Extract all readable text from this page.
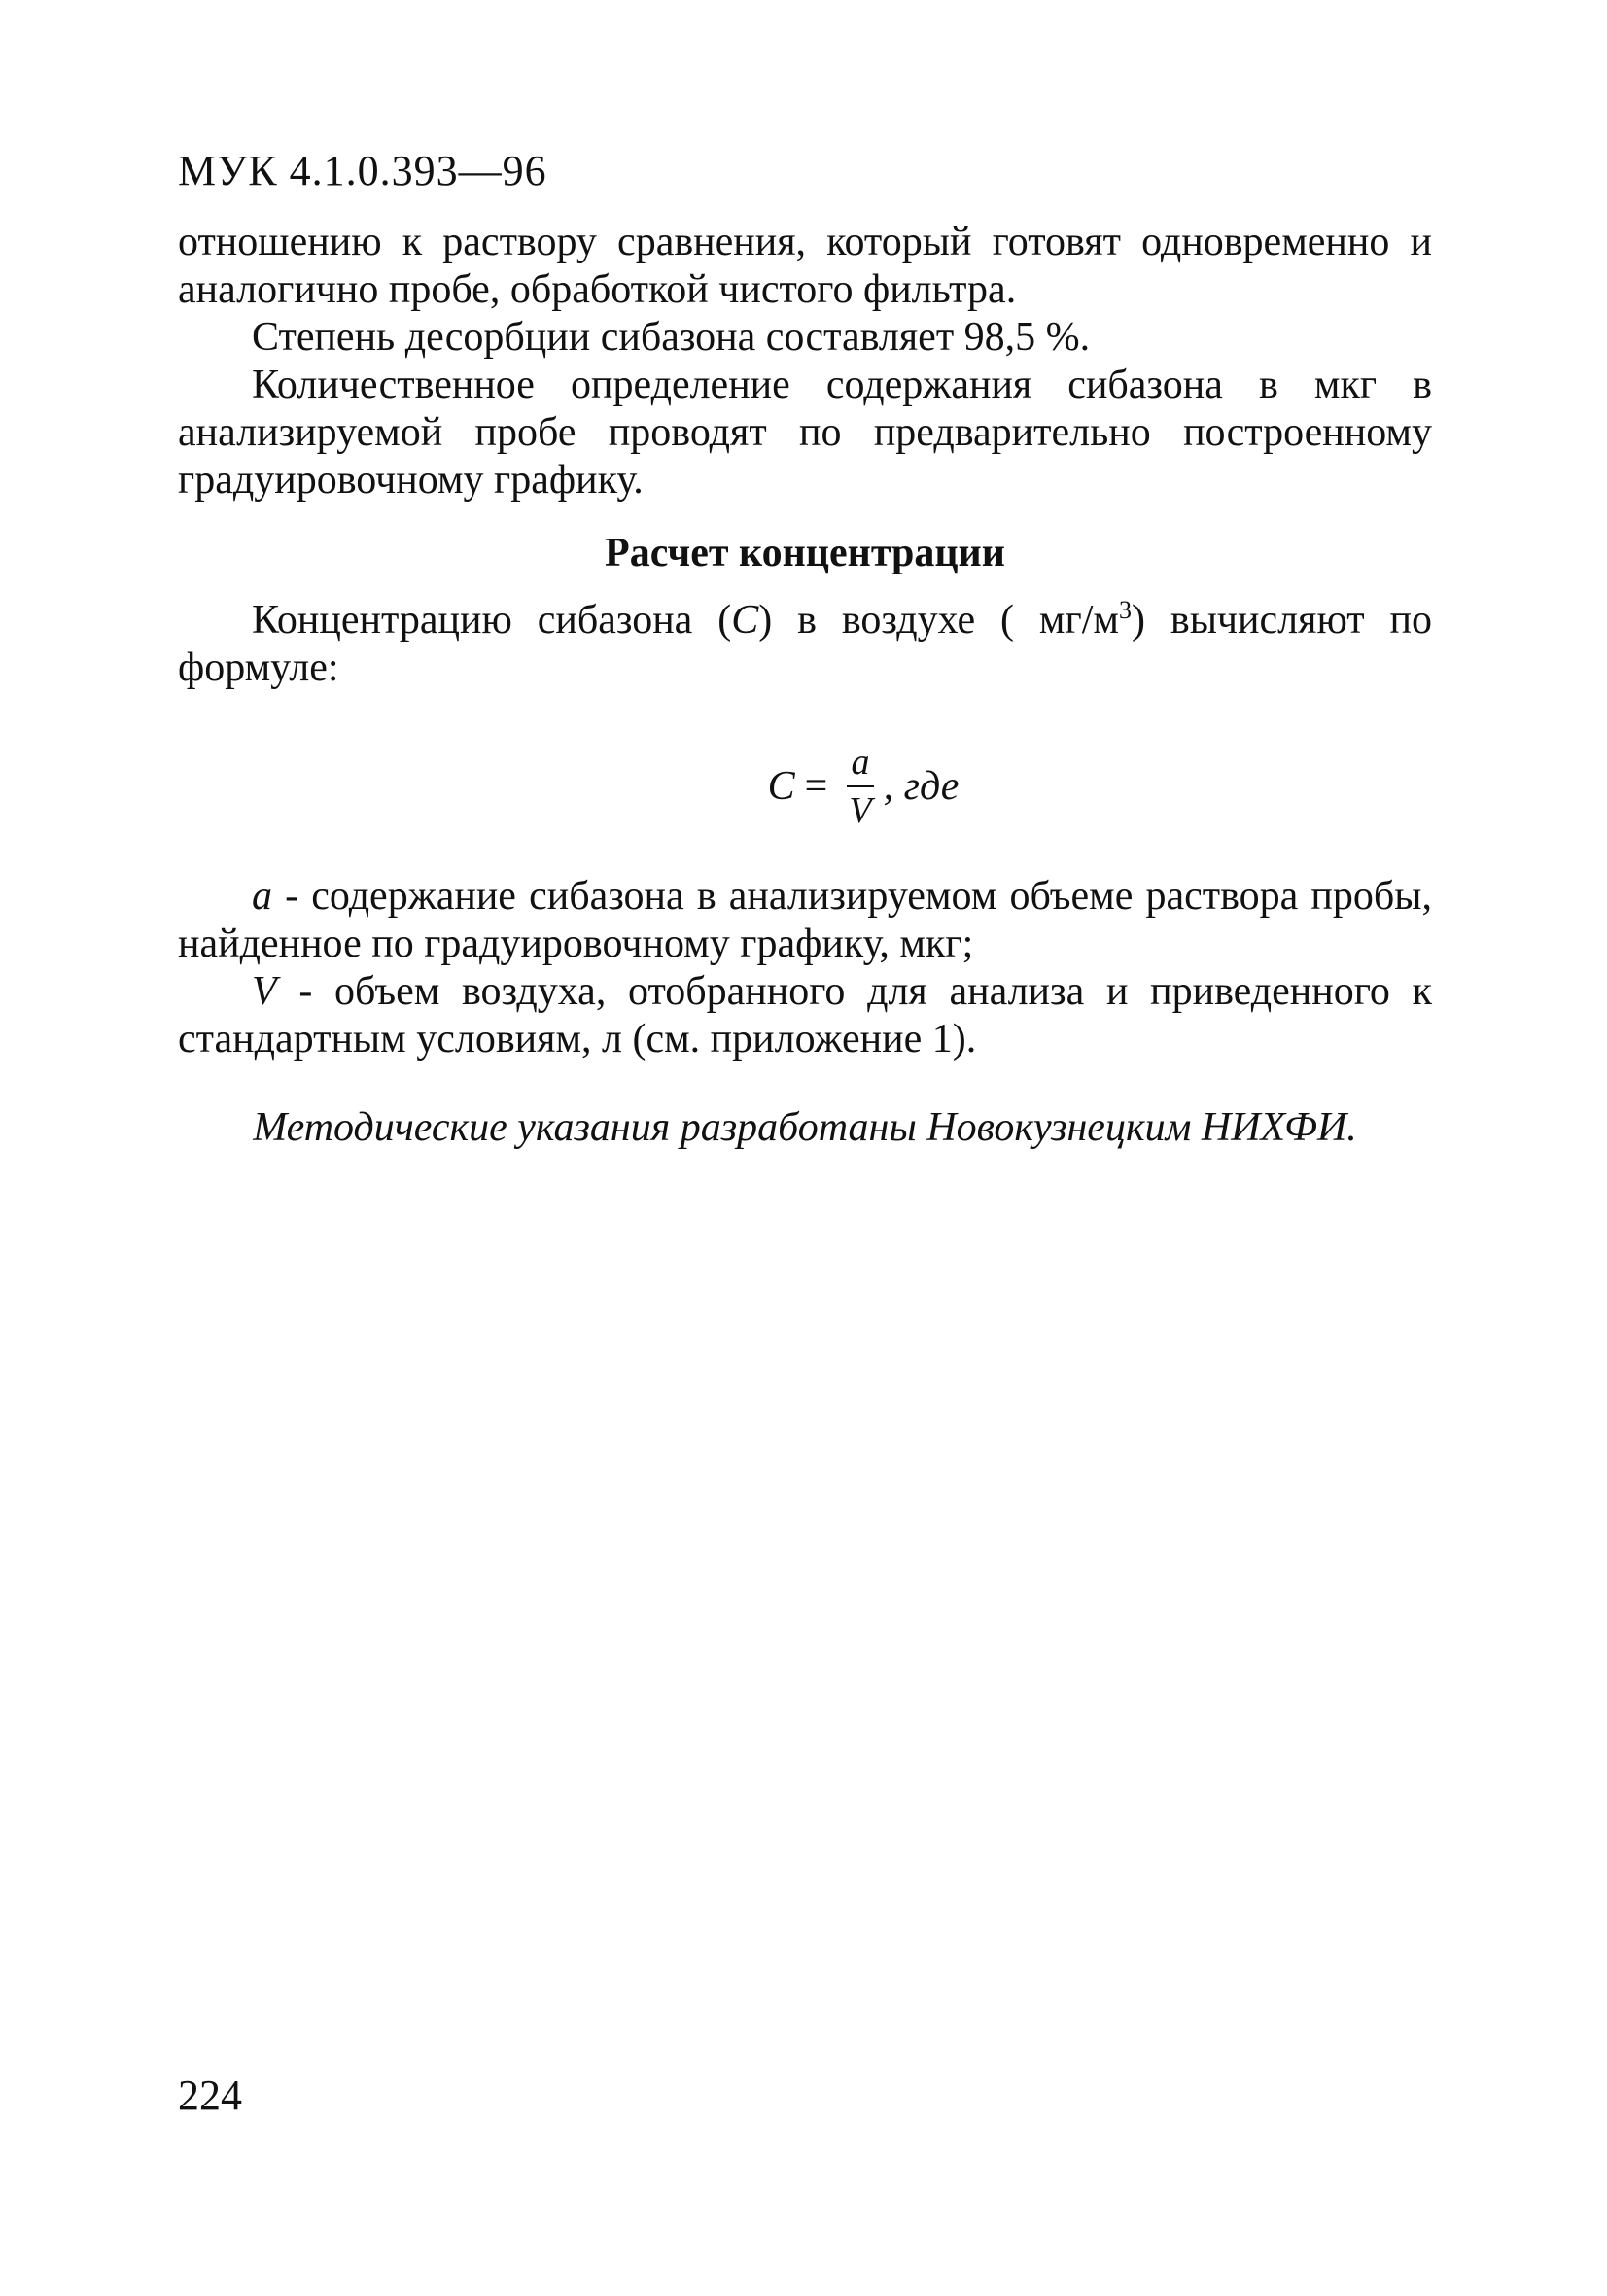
МУК 4.1.0.393—96

отношению к раствору сравнения, который готовят одновременно и аналогично пробе, обработкой чистого фильтра.

Степень десорбции сибазона составляет 98,5 %.

Количественное определение содержания сибазона в мкг в анализируемой пробе проводят по предварительно построенному градуировочному графику.

Расчет концентрации

Концентрацию сибазона (С) в воздухе ( $мг/м^3$) вычисляют по формуле:

$С = \frac{a}{V}$ , где

a - содержание сибазона в анализируемом объеме раствора пробы, найденное по градуировочному графику, мкг;

V - объем воздуха, отобранного для анализа и приведенного к стандартным условиям, л (см. приложение 1).

Методические указания разработаны Новокузнецким НИХФИ.
224
